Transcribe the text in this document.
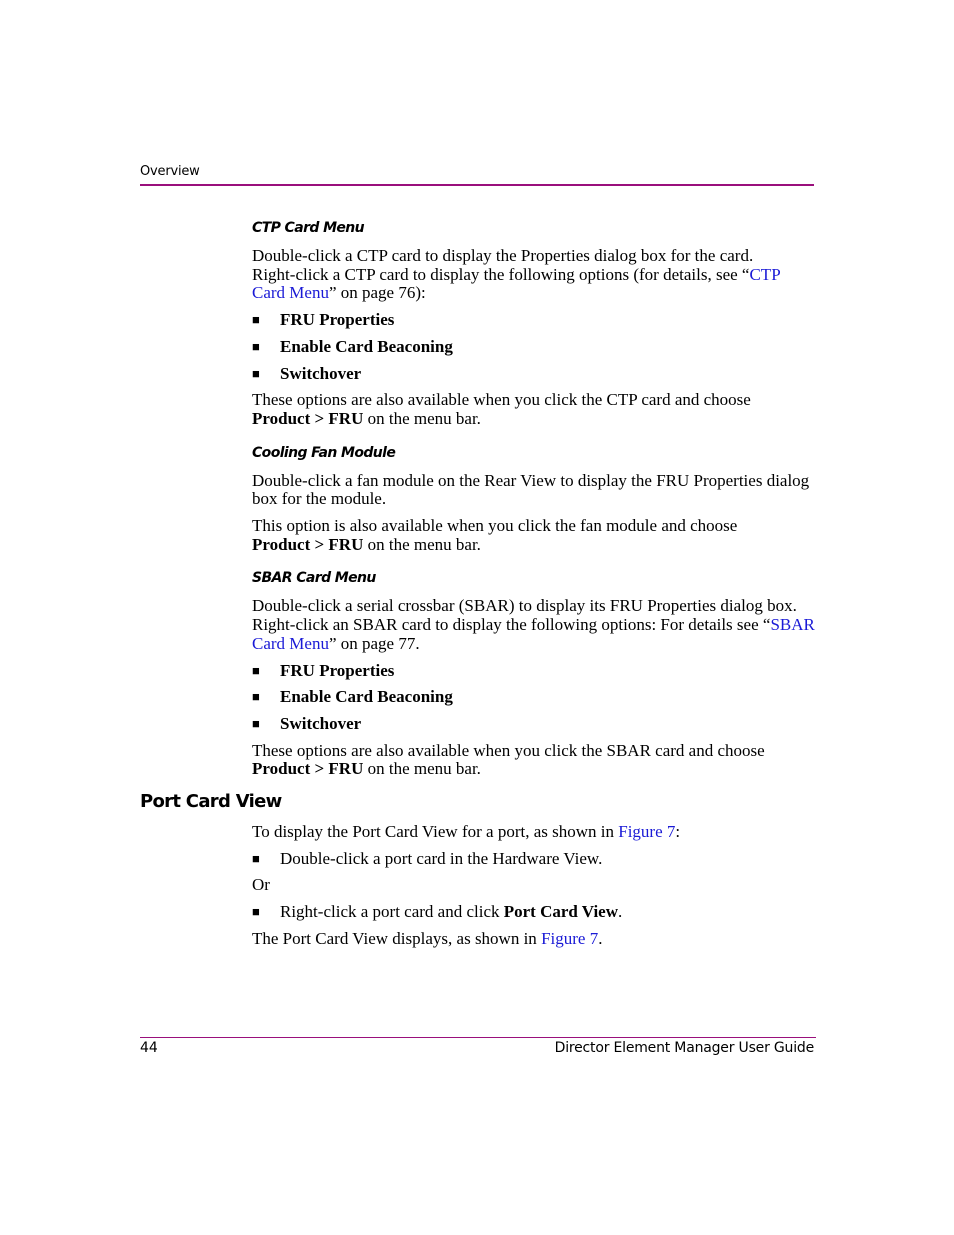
Overview
CTP Card Menu

Double-click a CTP card to display the Properties dialog box for the card.
Right-click a CTP card to display the following options (for details, see “CTP
Card Menu” on page 76):

■ FRU Properties
■ Enable Card Beaconing
■ Switchover

These options are also available when you click the CTP card and choose
Product > FRU on the menu bar.

Cooling Fan Module

Double-click a fan module on the Rear View to display the FRU Properties dialog box for the module.

This option is also available when you click the fan module and choose
Product > FRU on the menu bar.

SBAR Card Menu

Double-click a serial crossbar (SBAR) to display its FRU Properties dialog box.
Right-click an SBAR card to display the following options: For details see “SBAR
Card Menu” on page 77.

■ FRU Properties
■ Enable Card Beaconing
■ Switchover

These options are also available when you click the SBAR card and choose
Product > FRU on the menu bar.

Port Card View

To display the Port Card View for a port, as shown in Figure 7:

■ Double-click a port card in the Hardware View.

Or

■ Right-click a port card and click Port Card View.

The Port Card View displays, as shown in Figure 7.

44	Director Element Manager User Guide
